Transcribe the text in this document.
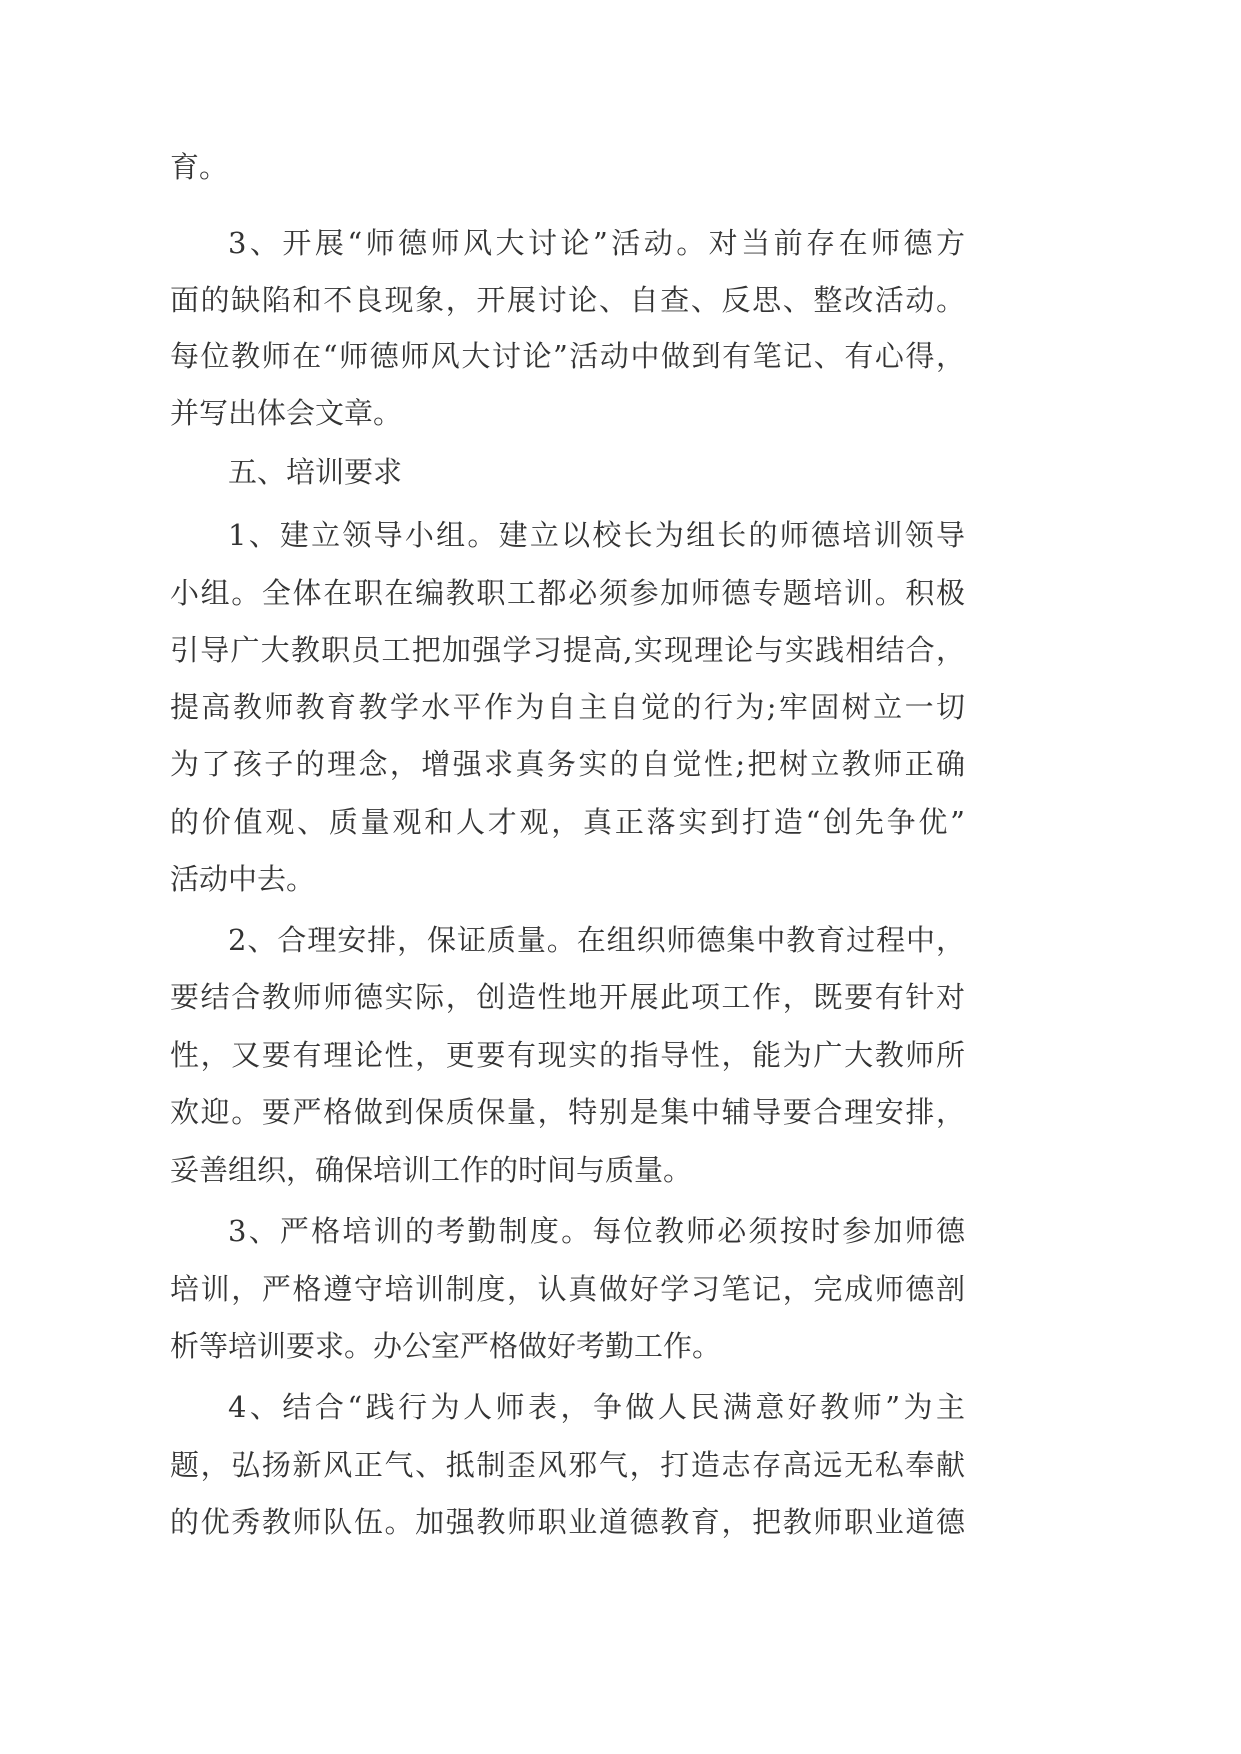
育。
3、开展“师德师风大讨论”活动。对当前存在师德方
面的缺陷和不良现象，开展讨论、自查、反思、整改活动。
每位教师在“师德师风大讨论”活动中做到有笔记、有心得，
并写出体会文章。
五、培训要求
1、建立领导小组。建立以校长为组长的师德培训领导
小组。全体在职在编教职工都必须参加师德专题培训。积极
引导广大教职员工把加强学习提高,实现理论与实践相结合，
提高教师教育教学水平作为自主自觉的行为;牢固树立一切
为了孩子的理念，增强求真务实的自觉性;把树立教师正确
的价值观、质量观和人才观，真正落实到打造“创先争优”
活动中去。
2、合理安排，保证质量。在组织师德集中教育过程中，
要结合教师师德实际，创造性地开展此项工作，既要有针对
性，又要有理论性，更要有现实的指导性，能为广大教师所
欢迎。要严格做到保质保量，特别是集中辅导要合理安排，
妥善组织，确保培训工作的时间与质量。
3、严格培训的考勤制度。每位教师必须按时参加师德
培训，严格遵守培训制度，认真做好学习笔记，完成师德剖
析等培训要求。办公室严格做好考勤工作。
4、结合“践行为人师表，争做人民满意好教师”为主
题，弘扬新风正气、抵制歪风邪气，打造志存高远无私奉献
的优秀教师队伍。加强教师职业道德教育，把教师职业道德
